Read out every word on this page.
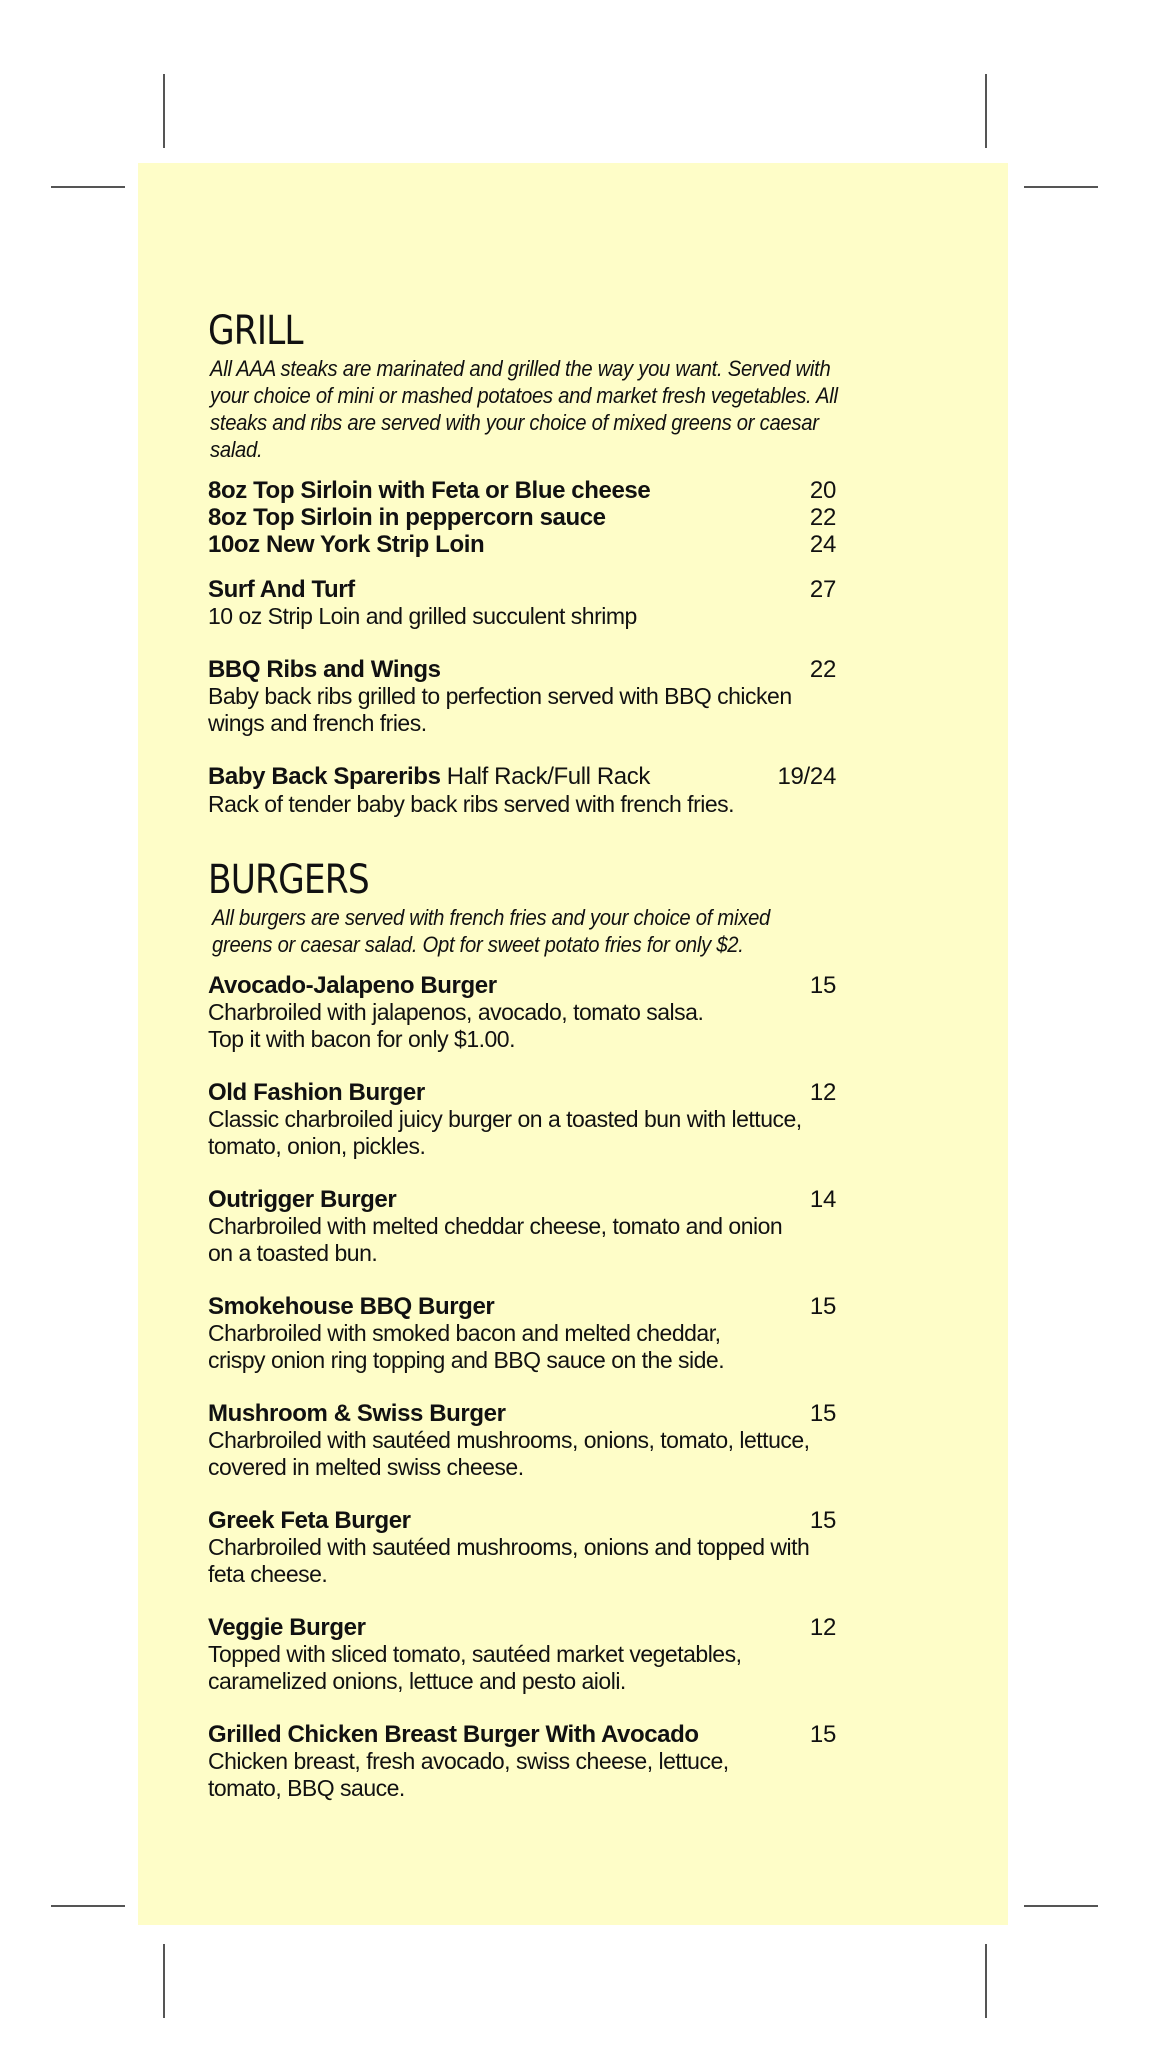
GRILL

All AAA steaks are marinated and grilled the way you want. Served with your choice of mini or mashed potatoes and market fresh vegetables. All steaks and ribs are served with your choice of mixed greens or caesar salad.

8oz Top Sirloin with Feta or Blue cheese	20
8oz Top Sirloin in peppercorn sauce	22
10oz New York Strip Loin	24
Surf And Turf	27
10 oz Strip Loin and grilled succulent shrimp
BBQ Ribs and Wings	22
Baby back ribs grilled to perfection served with BBQ chicken
wings and french fries.
Baby Back Spareribs Half Rack/Full Rack	19/24
Rack of tender baby back ribs served with french fries.
BURGERS

All burgers are served with french fries and your choice of mixed greens or caesar salad. Opt for sweet potato fries for only $2.

Avocado-Jalapeno Burger	15
Charbroiled with jalapenos, avocado, tomato salsa.
Top it with bacon for only $1.00.
Old Fashion Burger	12
Classic charbroiled juicy burger on a toasted bun with lettuce,
tomato, onion, pickles.
Outrigger Burger	14
Charbroiled with melted cheddar cheese, tomato and onion
on a toasted bun.
Smokehouse BBQ Burger	15
Charbroiled with smoked bacon and melted cheddar,
crispy onion ring topping and BBQ sauce on the side.
Mushroom & Swiss Burger	15
Charbroiled with sautéed mushrooms, onions, tomato, lettuce,
covered in melted swiss cheese.
Greek Feta Burger	15
Charbroiled with sautéed mushrooms, onions and topped with
feta cheese.
Veggie Burger	12
Topped with sliced tomato, sautéed market vegetables,
caramelized onions, lettuce and pesto aioli.
Grilled Chicken Breast Burger With Avocado	15
Chicken breast, fresh avocado, swiss cheese, lettuce,
tomato, BBQ sauce.
